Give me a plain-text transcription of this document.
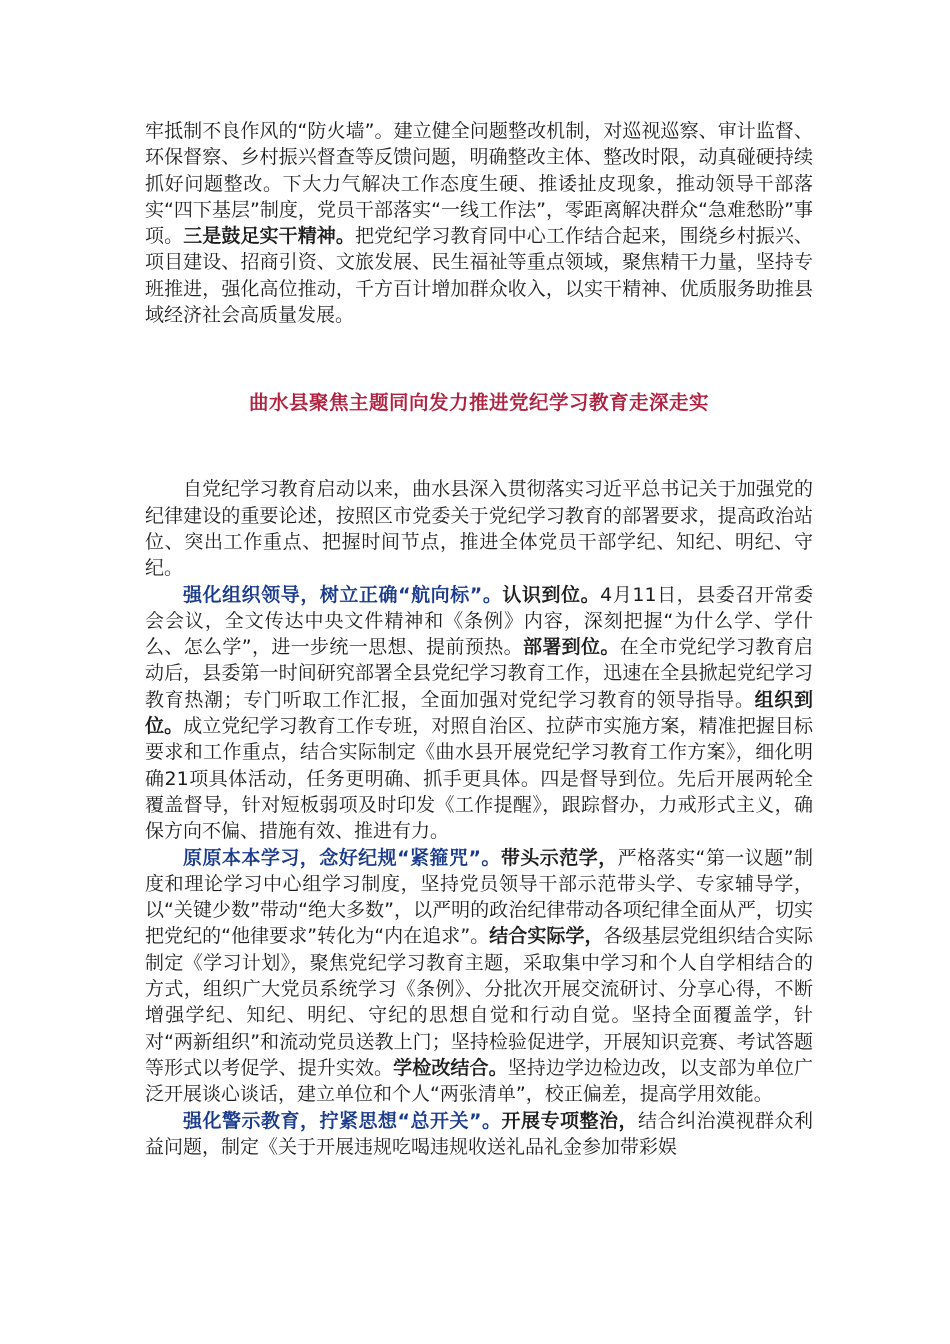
牢抵制不良作风的“防火墙”。建立健全问题整改机制，对巡视巡察、审计监督、环保督察、乡村振兴督查等反馈问题，明确整改主体、整改时限，动真碰硬持续抓好问题整改。下大力气解决工作态度生硬、推诿扯皮现象，推动领导干部落实“四下基层”制度，党员干部落实“一线工作法”，零距离解决群众“急难愁盼”事项。三是鼓足实干精神。把党纪学习教育同中心工作结合起来，围绕乡村振兴、项目建设、招商引资、文旅发展、民生福祉等重点领域，聚焦精干力量，坚持专班推进，强化高位推动，千方百计增加群众收入，以实干精神、优质服务助推县域经济社会高质量发展。

曲水县聚焦主题同向发力推进党纪学习教育走深走实

自党纪学习教育启动以来，曲水县深入贯彻落实习近平总书记关于加强党的纪律建设的重要论述，按照区市党委关于党纪学习教育的部署要求，提高政治站位、突出工作重点、把握时间节点，推进全体党员干部学纪、知纪、明纪、守纪。

强化组织领导，树立正确“航向标”。认识到位。4月11日，县委召开常委会会议，全文传达中央文件精神和《条例》内容，深刻把握“为什么学、学什么、怎么学”，进一步统一思想、提前预热。部署到位。在全市党纪学习教育启动后，县委第一时间研究部署全县党纪学习教育工作，迅速在全县掀起党纪学习教育热潮；专门听取工作汇报，全面加强对党纪学习教育的领导指导。组织到位。成立党纪学习教育工作专班，对照自治区、拉萨市实施方案，精准把握目标要求和工作重点，结合实际制定《曲水县开展党纪学习教育工作方案》，细化明确21项具体活动，任务更明确、抓手更具体。四是督导到位。先后开展两轮全覆盖督导，针对短板弱项及时印发《工作提醒》，跟踪督办，力戒形式主义，确保方向不偏、措施有效、推进有力。

原原本本学习，念好纪规“紧箍咒”。带头示范学，严格落实“第一议题”制度和理论学习中心组学习制度，坚持党员领导干部示范带头学、专家辅导学，以“关键少数”带动“绝大多数”，以严明的政治纪律带动各项纪律全面从严，切实把党纪的“他律要求”转化为“内在追求”。结合实际学，各级基层党组织结合实际制定《学习计划》，聚焦党纪学习教育主题，采取集中学习和个人自学相结合的方式，组织广大党员系统学习《条例》、分批次开展交流研讨、分享心得，不断增强学纪、知纪、明纪、守纪的思想自觉和行动自觉。坚持全面覆盖学，针对“两新组织”和流动党员送教上门；坚持检验促进学，开展知识竞赛、考试答题等形式以考促学、提升实效。学检改结合。坚持边学边检边改，以支部为单位广泛开展谈心谈话，建立单位和个人“两张清单”，校正偏差，提高学用效能。

强化警示教育，拧紧思想“总开关”。开展专项整治，结合纠治漠视群众利益问题，制定《关于开展违规吃喝违规收送礼品礼金参加带彩娱
